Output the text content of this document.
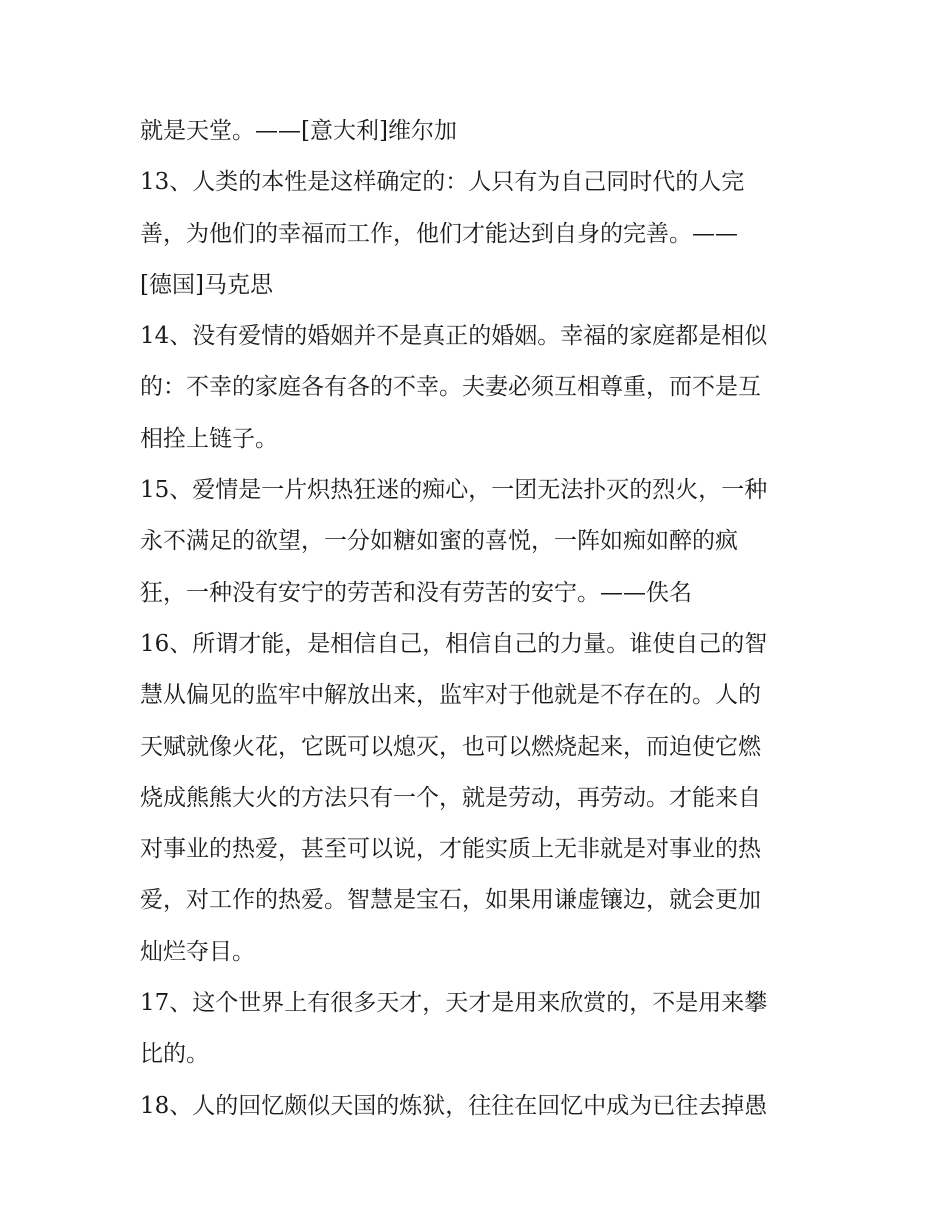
就是天堂。——[意大利]维尔加
13、人类的本性是这样确定的：人只有为自己同时代的人完
善，为他们的幸福而工作，他们才能达到自身的完善。——
[德国]马克思
14、没有爱情的婚姻并不是真正的婚姻。幸福的家庭都是相似
的：不幸的家庭各有各的不幸。夫妻必须互相尊重，而不是互
相拴上链子。
15、爱情是一片炽热狂迷的痴心，一团无法扑灭的烈火，一种
永不满足的欲望，一分如糖如蜜的喜悦，一阵如痴如醉的疯
狂，一种没有安宁的劳苦和没有劳苦的安宁。——佚名
16、所谓才能，是相信自己，相信自己的力量。谁使自己的智
慧从偏见的监牢中解放出来，监牢对于他就是不存在的。人的
天赋就像火花，它既可以熄灭，也可以燃烧起来，而迫使它燃
烧成熊熊大火的方法只有一个，就是劳动，再劳动。才能来自
对事业的热爱，甚至可以说，才能实质上无非就是对事业的热
爱，对工作的热爱。智慧是宝石，如果用谦虚镶边，就会更加
灿烂夺目。
17、这个世界上有很多天才，天才是用来欣赏的，不是用来攀
比的。
18、人的回忆颇似天国的炼狱，往往在回忆中成为已往去掉愚
